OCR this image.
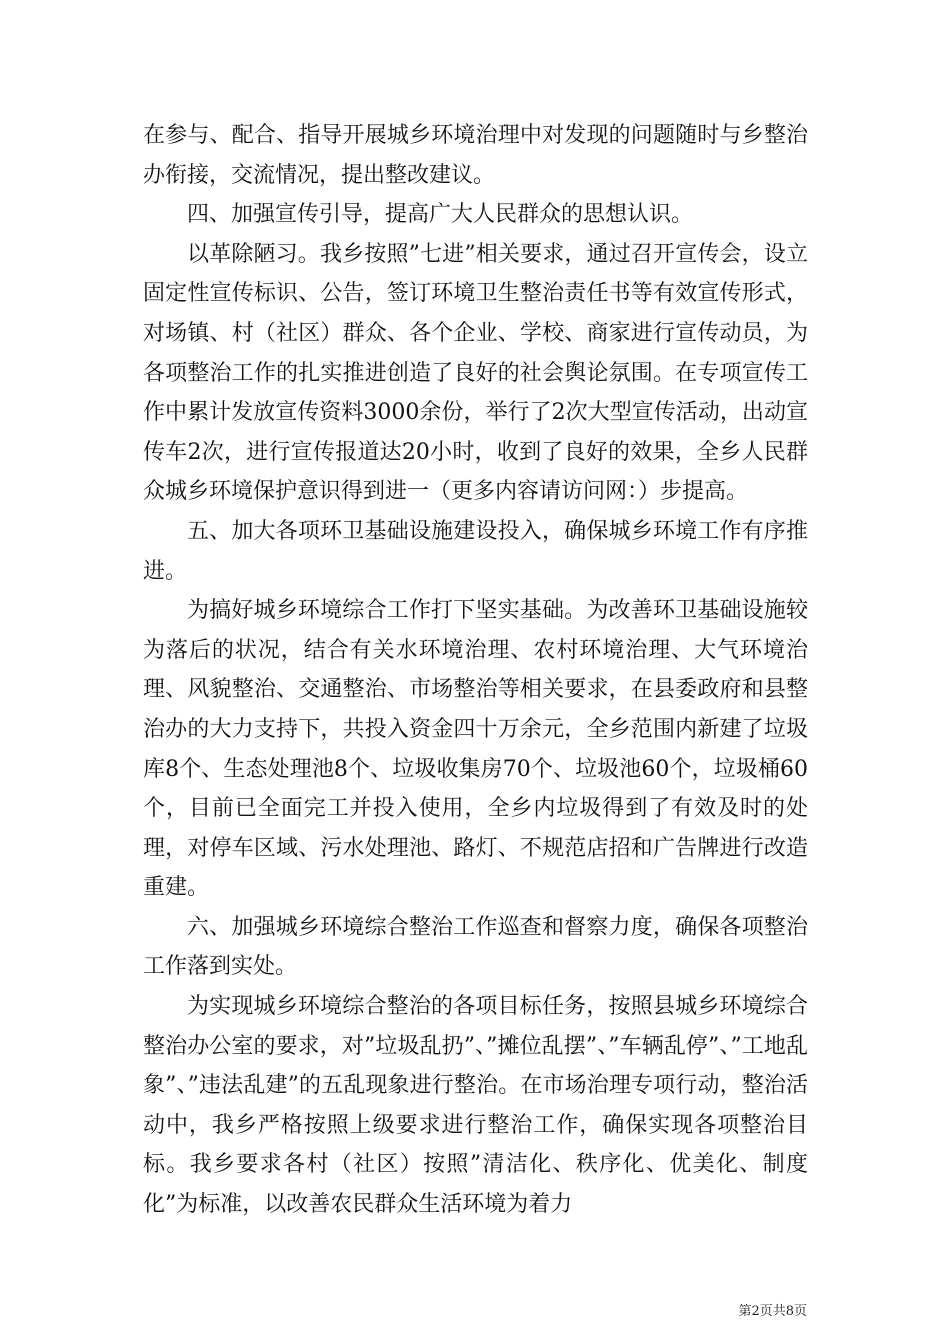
在参与、配合、指导开展城乡环境治理中对发现的问题随时与乡整治办衔接，交流情况，提出整改建议。

四、加强宣传引导，提高广大人民群众的思想认识。

以革除陋习。我乡按照”七进”相关要求，通过召开宣传会，设立固定性宣传标识、公告，签订环境卫生整治责任书等有效宣传形式，对场镇、村（社区）群众、各个企业、学校、商家进行宣传动员，为各项整治工作的扎实推进创造了良好的社会舆论氛围。在专项宣传工作中累计发放宣传资料3000余份，举行了2次大型宣传活动，出动宣传车2次，进行宣传报道达20小时，收到了良好的效果，全乡人民群众城乡环境保护意识得到进一（更多内容请访问网：）步提高。

五、加大各项环卫基础设施建设投入，确保城乡环境工作有序推进。

为搞好城乡环境综合工作打下坚实基础。为改善环卫基础设施较为落后的状况，结合有关水环境治理、农村环境治理、大气环境治理、风貌整治、交通整治、市场整治等相关要求，在县委政府和县整治办的大力支持下，共投入资金四十万余元，全乡范围内新建了垃圾库8个、生态处理池8个、垃圾收集房70个、垃圾池60个，垃圾桶60个，目前已全面完工并投入使用，全乡内垃圾得到了有效及时的处理，对停车区域、污水处理池、路灯、不规范店招和广告牌进行改造重建。

六、加强城乡环境综合整治工作巡查和督察力度，确保各项整治工作落到实处。

为实现城乡环境综合整治的各项目标任务，按照县城乡环境综合整治办公室的要求，对”垃圾乱扔”、”摊位乱摆”、”车辆乱停”、”工地乱象”、”违法乱建”的五乱现象进行整治。在市场治理专项行动，整治活动中，我乡严格按照上级要求进行整治工作，确保实现各项整治目标。我乡要求各村（社区）按照”清洁化、秩序化、优美化、制度化”为标准，以改善农民群众生活环境为着力

第2页共8页
